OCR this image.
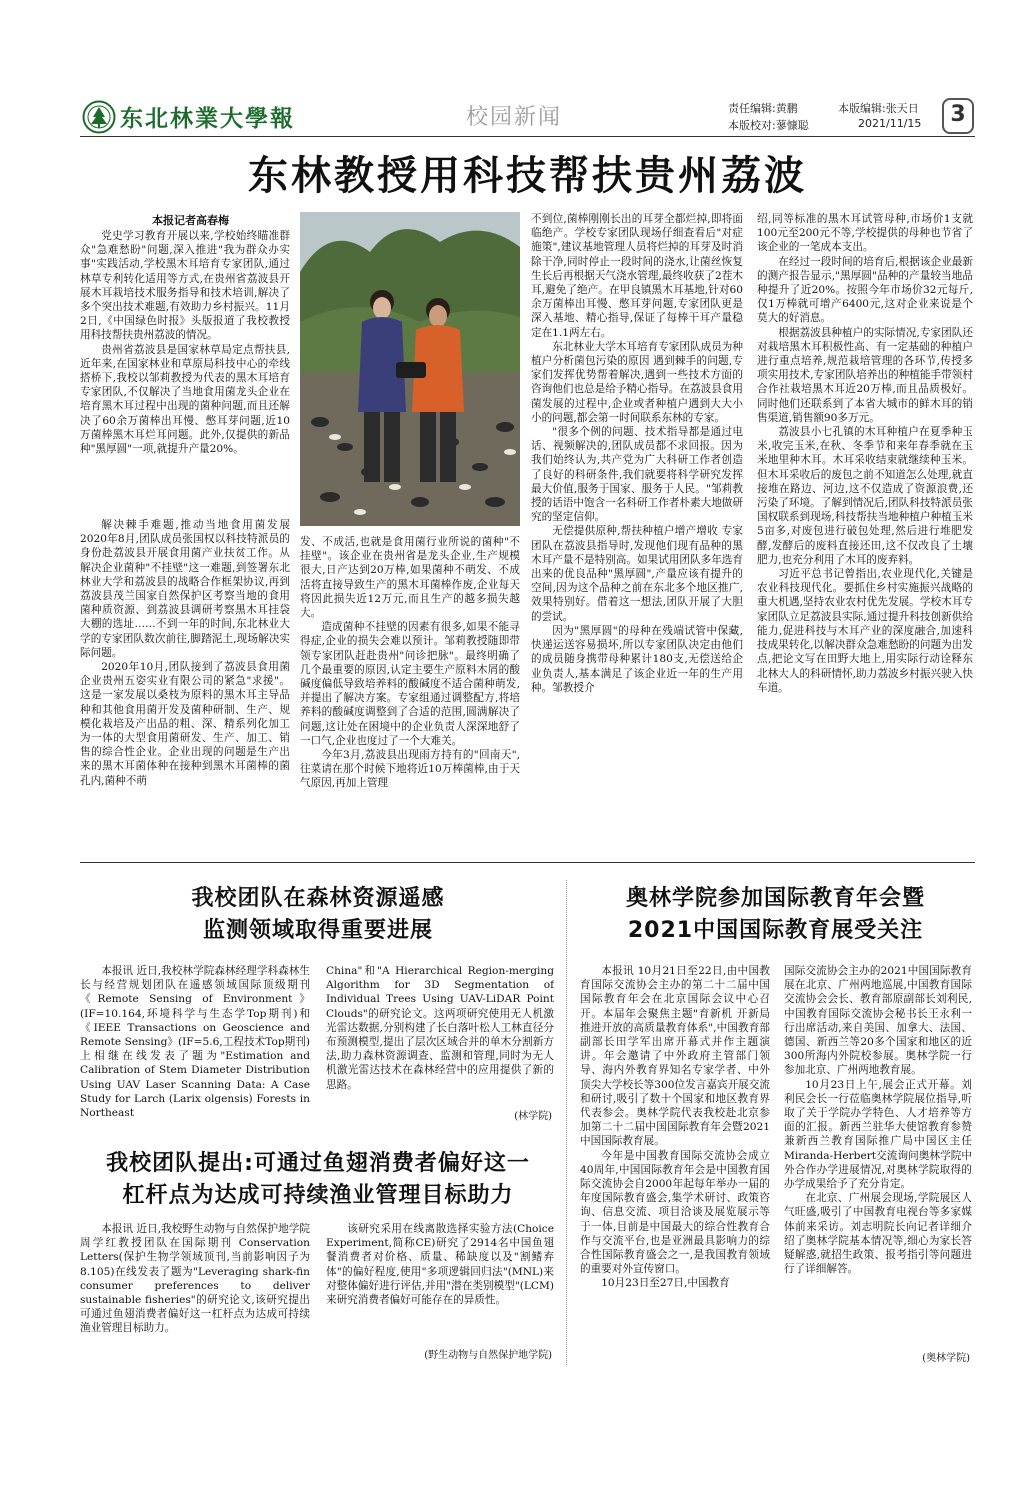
东北林業大學報	校园新闻	责任编辑:黄鹏	本版编辑:张天日
本版校对:蓼慷聪	2021/11/15	3
东林教授用科技帮扶贵州荔波
本报记者高春梅

党史学习教育开展以来,学校始终瞄准群众"急难愁盼"问题,深入推进"我为群众办实事"实践活动,学校黑木耳培育专家团队,通过林草专利转化适用等方式,在贵州省荔波县开展木耳栽培技术服务指导和技术培训,解决了多个突出技术难题,有效助力乡村振兴。11月2日,《中国绿色时报》头版报道了我校教授用科技帮扶贵州荔波的情况。

贵州省荔波县是国家林草局定点帮扶县,近年来,在国家林业和草原局科技中心的牵线搭桥下,我校以邹莉教授为代表的黑木耳培育专家团队,不仅解决了当地食用菌龙头企业在培育黑木耳过程中出现的菌种问题,而且还解决了60余万菌棒出耳慢、憋耳芽问题,近10万菌棒黑木耳烂耳问题。此外,仅提供的新品种"黑厚圆"一项,就提升产量20%。

解决棘手难题,推动当地食用菌发展 2020年8月,团队成员张国权以科技特派员的身份赴荔波县开展食用菌产业扶贫工作。从解决企业菌种"不挂壁"这一难题,到签署东北林业大学和荔波县的战略合作框架协议,再到荔波县茂兰国家自然保护区考察当地的食用菌种质资源、到荔波县调研考察黑木耳挂袋大棚的选址……不到一年的时间,东北林业大学的专家团队数次前往,脚踏泥土,现场解决实际问题。

2020年10月,团队接到了荔波县食用菌企业贵州五姿实业有限公司的紧急"求援"。这是一家发展以桑枝为原料的黑木耳主导品种和其他食用菌开发及菌种研制、生产、规模化栽培及产出品的粗、深、精系列化加工为一体的大型食用菌研发、生产、加工、销售的综合性企业。企业出现的问题是生产出来的黑木耳菌体种在接种到黑木耳菌棒的菌孔内,菌种不萌

发、不成活,也就是食用菌行业所说的菌种"不挂壁"。该企业在贵州省是龙头企业,生产规模很大,日产达到20万棒,如果菌种不萌发、不成活将直接导致生产的黑木耳菌棒作废,企业每天将因此损失近12万元,而且生产的越多损失越大。

造成菌种不挂壁的因素有很多,如果不能寻得症,企业的损失会难以预计。邹莉教授随即带领专家团队赶赴贵州"问诊把脉"。最终明确了几个最重要的原因,认定主要生产原料木屑的酸碱度偏低导致培养料的酸碱度不适合菌种萌发,并提出了解决方案。专家组通过调整配方,将培养料的酸碱度调整到了合适的范围,圆满解决了问题,这让处在困境中的企业负责人深深地舒了一口气,企业也度过了一个大难关。

今年3月,荔波县出现雨方持有的"回南天",往菜请在那个时候下地将近10万棒菌棒,由于天气原因,再加上管理

不到位,菌棒刚刚长出的耳芽全都烂掉,即将面临绝产。学校专家团队现场仔细查看后"对症施策",建议基地管理人员将烂掉的耳芽及时消除干净,同时停止一段时间的浇水,让菌丝恢复生长后再根据天气浇水管理,最终收获了2茬木耳,避免了绝产。在甲良镇黑木耳基地,针对60余万菌棒出耳慢、憋耳芽问题,专家团队更是深入基地、精心指导,保证了每棒干耳产量稳定在1.1两左右。

东北林业大学木耳培育专家团队成员为种植户分析菌包污染的原因 遇到棘手的问题,专家们发挥优势帮着解决,遇到一些技术方面的咨询他们也总是给予精心指导。在荔波县食用菌发展的过程中,企业或者种植户遇到大大小小的问题,都会第一时间联系东林的专家。

"很多个例的问题、技术指导都是通过电话、视频解决的,团队成员都不求回报。因为我们始终认为,共产党为广大科研工作者创造了良好的科研条件,我们就要将科学研究发挥最大价值,服务于国家、服务于人民。"邹莉教授的话语中饱含一名科研工作者朴素大地做研究的坚定信仰。

无偿提供原种,帮扶种植户增产增收 专家团队在荔波县指导时,发现他们现有品种的黑木耳产量不是特别高。如果试用团队多年选育出来的优良品种"黑厚圆",产量应该有提升的空间,因为这个品种之前在东北多个地区推广,效果特别好。借着这一想法,团队开展了大胆的尝试。

因为"黑厚圆"的母种在残端试管中保藏,快递运送容易损坏,所以专家团队决定由他们的成员随身携带母种累计180支,无偿送给企业负责人,基本满足了该企业近一年的生产用种。邹教授介

绍,同等标准的黑木耳试管母种,市场价1支就100元至200元不等,学校提供的母种也节省了该企业的一笔成本支出。

在经过一段时间的培育后,根据该企业最新的测产报告显示,"黑厚圆"品种的产量较当地品种提升了近20%。按照今年市场价32元每斤,仅1万棒就可增产6400元,这对企业来说是个莫大的好消息。

根据荔波县种植户的实际情况,专家团队还对栽培黑木耳积极性高、有一定基础的种植户进行重点培养,规范栽培管理的各环节,传授多项实用技术,专家团队培养出的种植能手带领村合作社栽培黑木耳近20万棒,而且品质极好。同时他们还联系到了本省大城市的鲜木耳的销售渠道,销售额90多万元。

荔波县小七孔镇的木耳种植户在夏季种玉米,收完玉米,在秋、冬季节和来年春季就在玉米地里种木耳。木耳采收结束就继续种玉米。但木耳采收后的废包之前不知道怎么处理,就直接堆在路边、河边,这不仅造成了资源浪费,还污染了环境。了解到情况后,团队科技特派员张国权联系到现场,科技帮扶当地种植户种植玉米5亩多,对废包进行破包处理,然后进行堆肥发酵,发酵后的废料直接还田,这不仅改良了土壤肥力,也充分利用了木耳的废弃料。

习近平总书记曾指出,农业现代化,关键是农业科技现代化。要抓住乡村实施振兴战略的重大机遇,坚持农业农村优先发展。学校木耳专家团队立足荔波县实际,通过提升科技创新供给能力,促进科技与木耳产业的深度融合,加速科技成果转化,以解决群众急难愁盼的问题为出发点,把论文写在田野大地上,用实际行动诠释东北林大人的科研情怀,助力荔波乡村振兴驶入快车道。

我校团队在森林资源遥感
监测领域取得重要进展

本报讯 近日,我校林学院森林经理学科森林生长与经营规划团队在遥感领域国际顶级期刊《Remote Sensing of Environment》(IF=10.164,环境科学与生态学Top期刊)和《IEEE Transactions on Geoscience and Remote Sensing》(IF=5.6,工程技术Top期刊)上相继在线发表了题为"Estimation and Calibration of Stem Diameter Distribution Using UAV Laser Scanning Data: A Case Study for Larch (Larix olgensis) Forests in Northeast

China"和"A Hierarchical Region-merging Algorithm for 3D Segmentation of Individual Trees Using UAV-LiDAR Point Clouds"的研究论文。这两项研究使用无人机激光雷达数据,分别构建了长白落叶松人工林直径分布预测模型,提出了层次区域合并的单木分割新方法,助力森林资源调查、监测和管理,同时为无人机激光雷达技术在森林经营中的应用提供了新的思路。

(林学院)
我校团队提出:可通过鱼翅消费者偏好这一
杠杆点为达成可持续渔业管理目标助力

本报讯 近日,我校野生动物与自然保护地学院周学红教授团队在国际期刊 Conservation Letters(保护生物学领域顶刊,当前影响因子为8.105)在线发表了题为"Leveraging shark-fin consumer preferences to deliver sustainable fisheries"的研究论文,该研究提出可通过鱼翅消费者偏好这一杠杆点为达成可持续渔业管理目标助力。

该研究采用在线离散选择实验方法(Choice Experiment,简称CE)研究了2914名中国鱼翅餐消费者对价格、质量、稀缺度以及"割鳍弃体"的偏好程度,使用"多项逻辑回归法"(MNL)来对整体偏好进行评估,并用"潜在类别模型"(LCM)来研究消费者偏好可能存在的异质性。

(野生动物与自然保护地学院)
奥林学院参加国际教育年会暨
2021中国国际教育展受关注

本报讯 10月21日至22日,由中国教育国际交流协会主办的第二十二届中国国际教育年会在北京国际会议中心召开。本届年会聚焦主题"育新机 开新局 推进开放的高质量教育体系",中国教育部副部长田学军出席开幕式并作主题演讲。年会邀请了中外政府主管部门领导、海内外教育界知名专家学者、中外顶尖大学校长等300位发言嘉宾开展交流和研讨,吸引了数十个国家和地区教育界代表参会。奥林学院代表我校赴北京参加第二十二届中国国际教育年会暨2021中国国际教育展。

今年是中国教育国际交流协会成立40周年,中国国际教育年会是中国教育国际交流协会自2000年起每年举办一届的年度国际教育盛会,集学术研讨、政策咨询、信息交流、项目洽谈及展览展示等于一体,目前是中国最大的综合性教育合作与交流平台,也是亚洲最具影响力的综合性国际教育盛会之一,是我国教育领域的重要对外宣传窗口。

10月23日至27日,中国教育

国际交流协会主办的2021中国国际教育展在北京、广州两地巡展,中国教育国际交流协会会长、教育部原副部长刘利民,中国教育国际交流协会秘书长王永利一行出席活动,来自美国、加拿大、法国、德国、新西兰等20多个国家和地区的近300所海内外院校参展。奥林学院一行参加北京、广州两地教育展。

10月23日上午,展会正式开幕。刘利民会长一行莅临奥林学院展位指导,听取了关于学院办学特色、人才培养等方面的汇报。新西兰驻华大使馆教育参赞兼新西兰教育国际推广局中国区主任Miranda-Herbert交流询问奥林学院中外合作办学进展情况,对奥林学院取得的办学成果给予了充分肯定。

在北京、广州展会现场,学院展区人气旺盛,吸引了中国教育电视台等多家媒体前来采访。刘志明院长向记者详细介绍了奥林学院基本情况等,细心为家长答疑解惑,就招生政策、报考指引等问题进行了详细解答。

(奥林学院)
